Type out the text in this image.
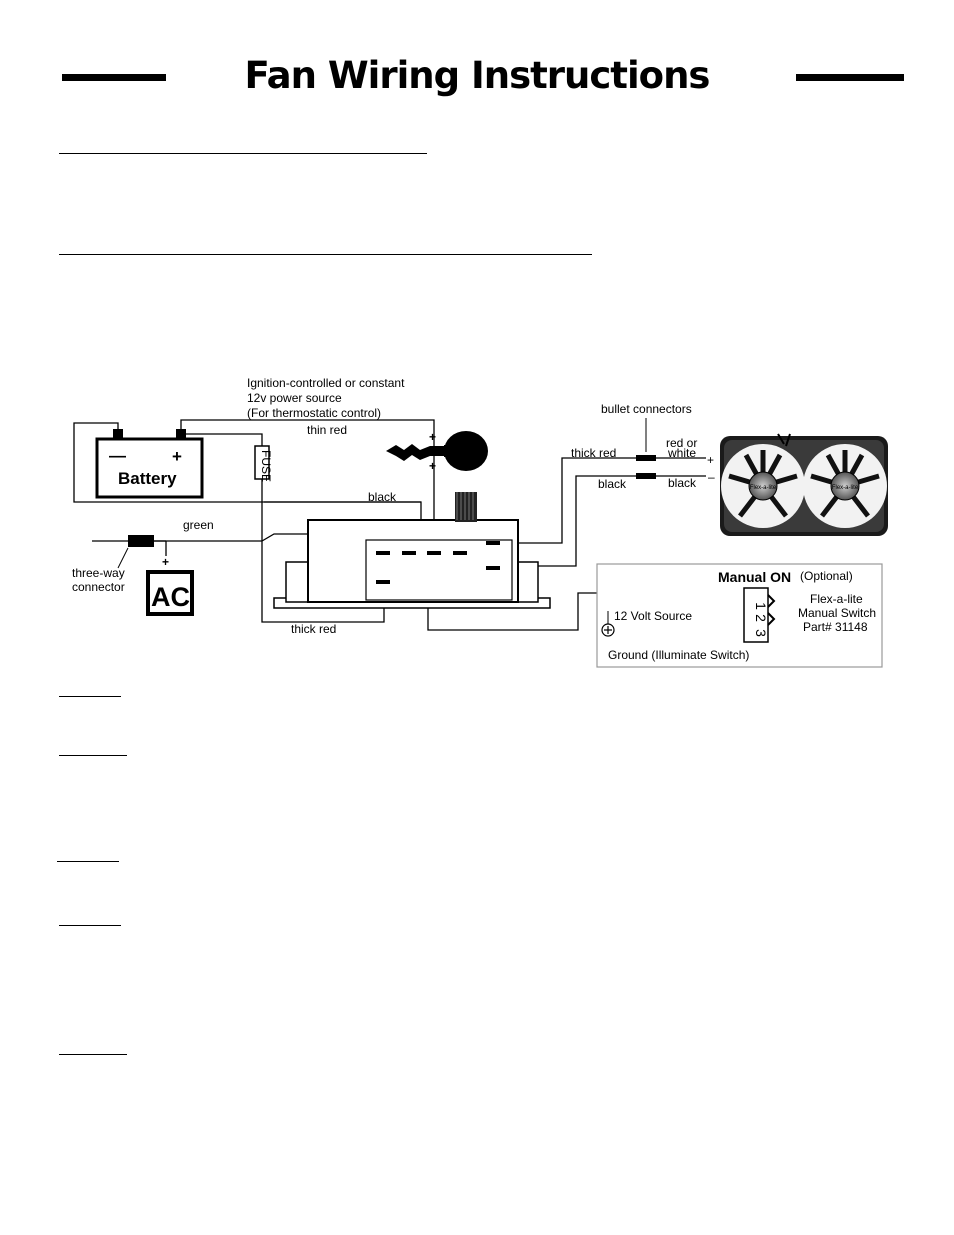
Fan Wiring Instructions
—	+
Battery	FUSE
Ignition-controlled or constant
12v power source
(For thermostatic control)
thin red	+
+
black
green
+
three-way
connector AC
thick red
bullet connectors
thick red
black
red or
white
black
+
–
Flex-a-lite	Flex-a-lite
Manual ON (Optional)
Flex-a-lite
Manual Switch
Part# 31148
12 Volt Source
Ground (Illuminate Switch)
1
2
3
